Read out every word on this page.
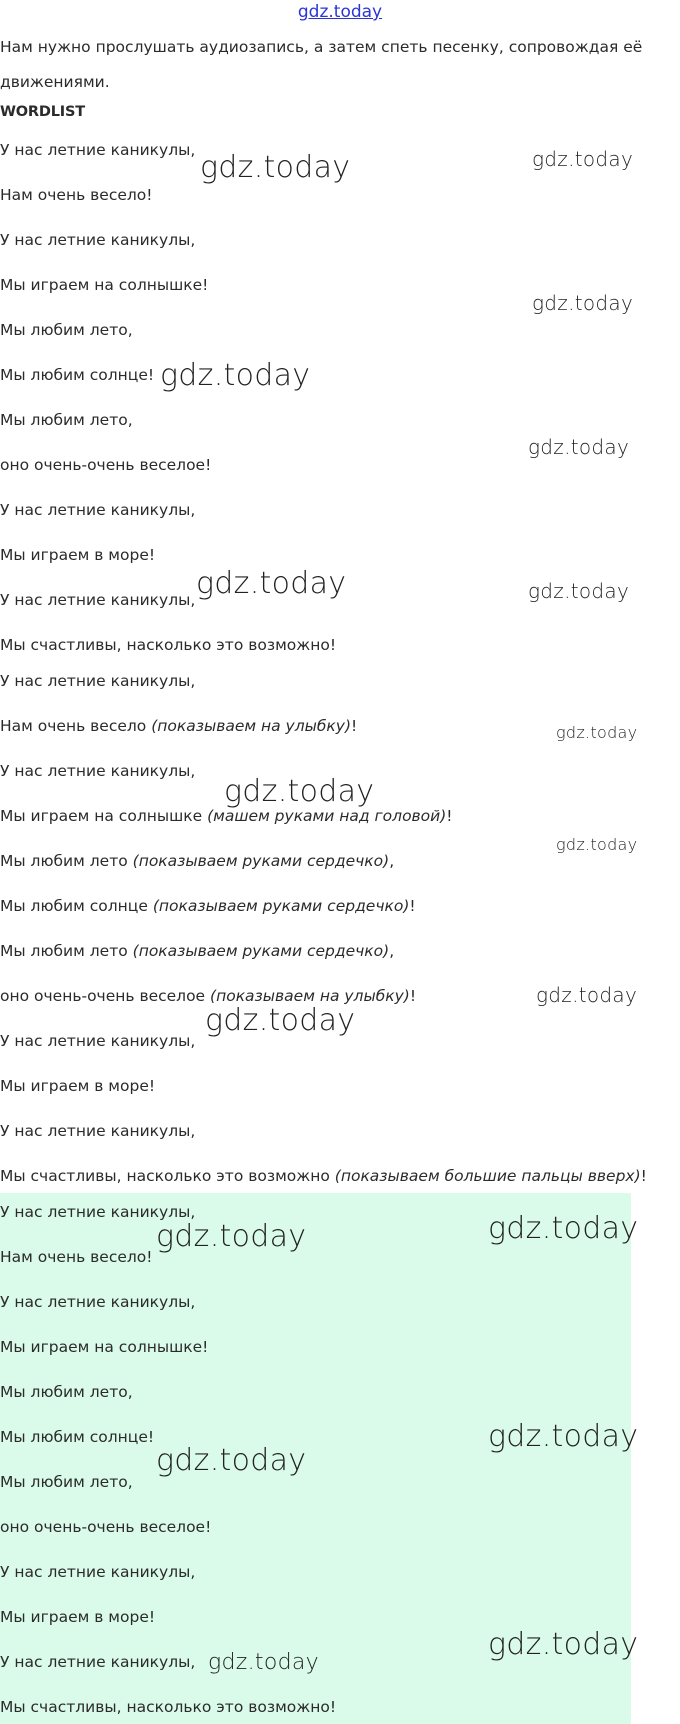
gdz.today
Нам нужно прослушать аудиозапись, а затем спеть песенку, сопровождая её движениями.
WORDLIST
У нас летние каникулы,
Нам очень весело!
У нас летние каникулы,
Мы играем на солнышке!
Мы любим лето,
Мы любим солнце!
Мы любим лето,
оно очень-очень веселое!
У нас летние каникулы,
Мы играем в море!
У нас летние каникулы,
Мы счастливы, насколько это возможно!
У нас летние каникулы,
Нам очень весело (показываем на улыбку)!
У нас летние каникулы,
Мы играем на солнышке (машем руками над головой)!
Мы любим лето (показываем руками сердечко),
Мы любим солнце (показываем руками сердечко)!
Мы любим лето (показываем руками сердечко),
оно очень-очень веселое (показываем на улыбку)!
У нас летние каникулы,
Мы играем в море!
У нас летние каникулы,
Мы счастливы, насколько это возможно (показываем большие пальцы вверх)!
У нас летние каникулы,
Нам очень весело!
У нас летние каникулы,
Мы играем на солнышке!
Мы любим лето,
Мы любим солнце!
Мы любим лето,
оно очень-очень веселое!
У нас летние каникулы,
Мы играем в море!
У нас летние каникулы,
Мы счастливы, насколько это возможно!
gdz.today	gdz.today
gdz.today
gdz.today
gdz.today
gdz.today	gdz.today
gdz.today
gdz.today
gdz.today
gdz.today
gdz.today
gdz.today
gdz.today
gdz.today
gdz.today
gdz.today
gdz.today
